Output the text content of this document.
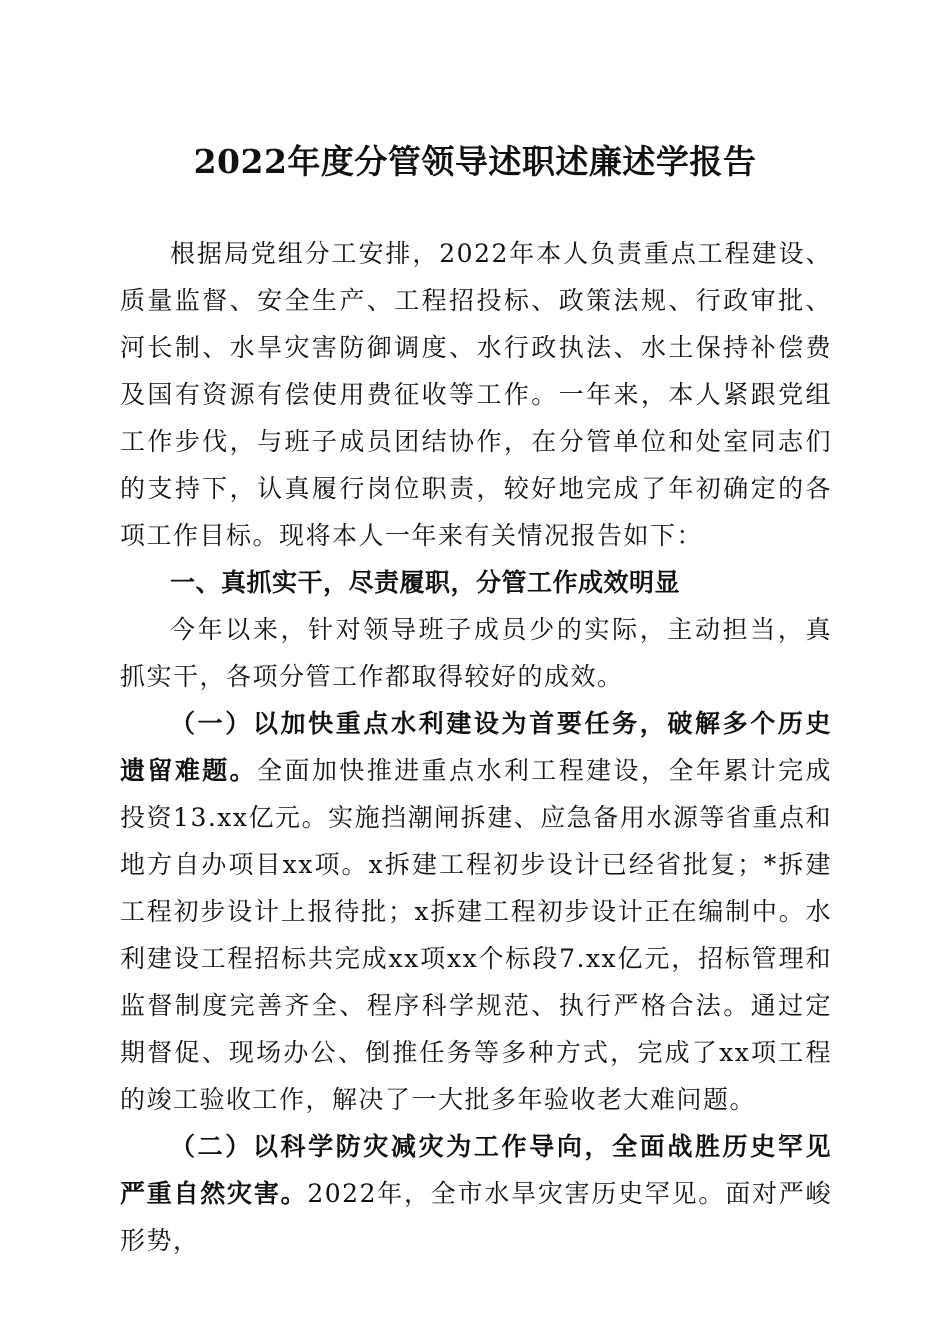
2022年度分管领导述职述廉述学报告

根据局党组分工安排，2022年本人负责重点工程建设、质量监督、安全生产、工程招投标、政策法规、行政审批、河长制、水旱灾害防御调度、水行政执法、水土保持补偿费及国有资源有偿使用费征收等工作。一年来，本人紧跟党组工作步伐，与班子成员团结协作，在分管单位和处室同志们的支持下，认真履行岗位职责，较好地完成了年初确定的各项工作目标。现将本人一年来有关情况报告如下：

一、真抓实干，尽责履职，分管工作成效明显

今年以来，针对领导班子成员少的实际，主动担当，真抓实干，各项分管工作都取得较好的成效。

（一）以加快重点水利建设为首要任务，破解多个历史遗留难题。全面加快推进重点水利工程建设，全年累计完成投资13.xx亿元。实施挡潮闸拆建、应急备用水源等省重点和地方自办项目xx项。x拆建工程初步设计已经省批复；*拆建工程初步设计上报待批；x拆建工程初步设计正在编制中。水利建设工程招标共完成xx项xx个标段7.xx亿元，招标管理和监督制度完善齐全、程序科学规范、执行严格合法。通过定期督促、现场办公、倒推任务等多种方式，完成了xx项工程的竣工验收工作，解决了一大批多年验收老大难问题。

（二）以科学防灾减灾为工作导向，全面战胜历史罕见严重自然灾害。2022年，全市水旱灾害历史罕见。面对严峻形势，
